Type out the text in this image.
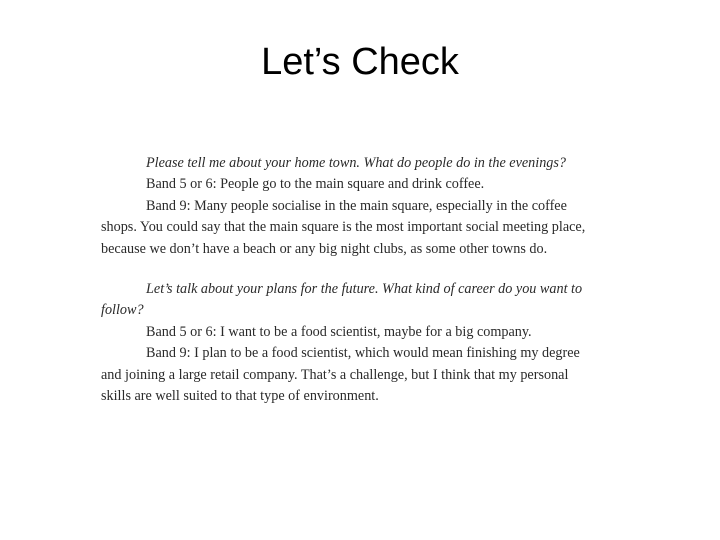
Let’s Check

Please tell me about your home town. What do people do in the evenings?

Band 5 or 6: People go to the main square and drink coffee.

Band 9: Many people socialise in the main square, especially in the coffee shops. You could say that the main square is the most important social meeting place, because we don’t have a beach or any big night clubs, as some other towns do.

Let’s talk about your plans for the future. What kind of career do you want to follow?

Band 5 or 6: I want to be a food scientist, maybe for a big company.

Band 9: I plan to be a food scientist, which would mean finishing my degree and joining a large retail company. That’s a challenge, but I think that my personal skills are well suited to that type of environment.
